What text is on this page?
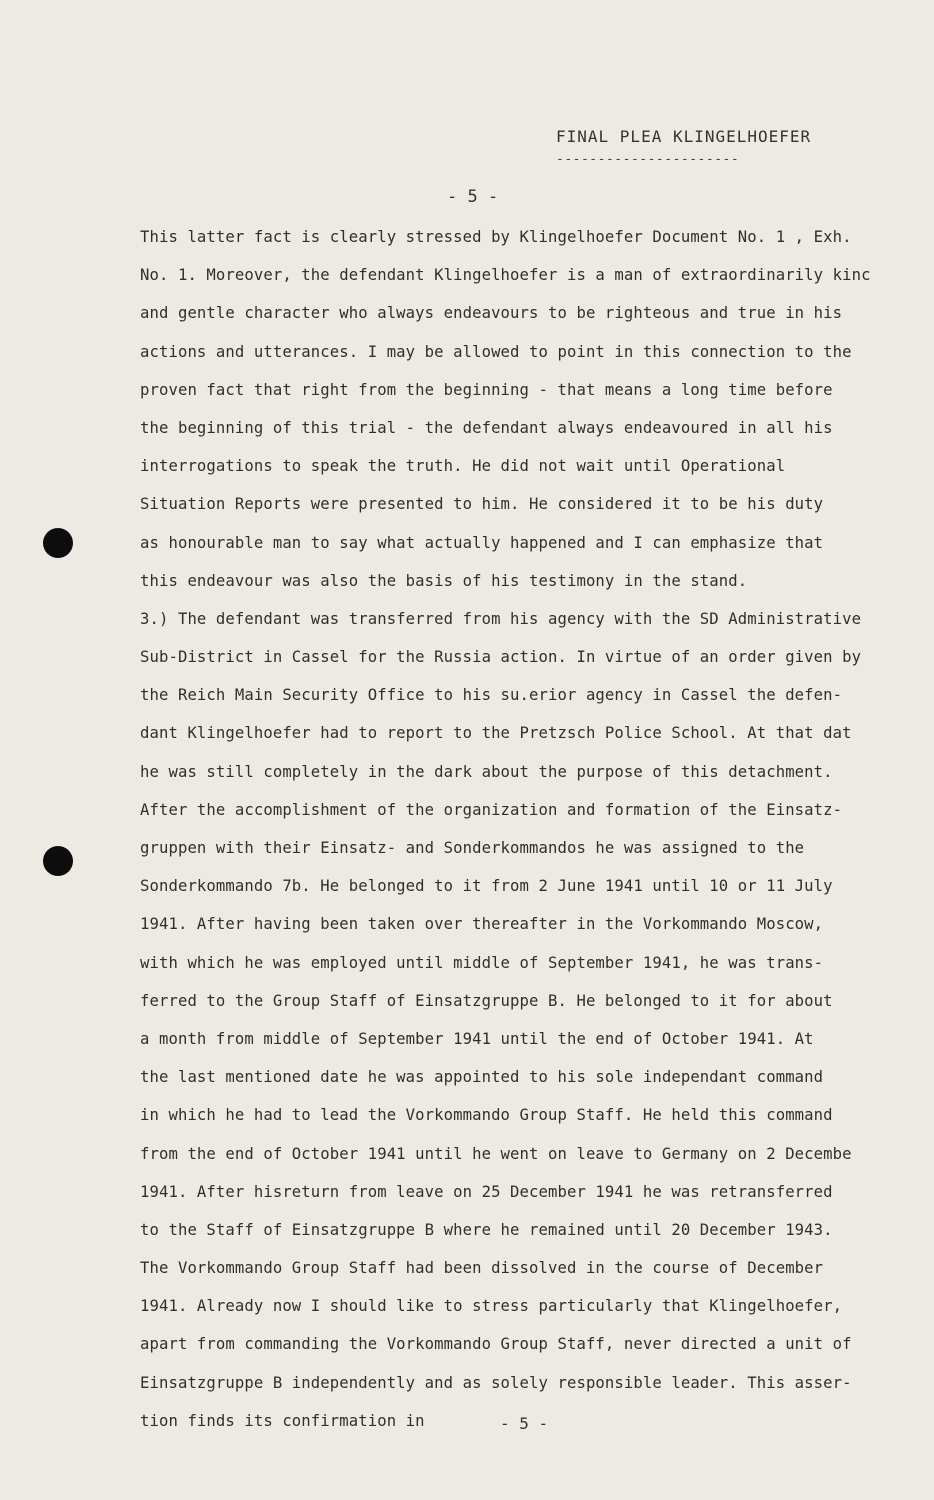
FINAL PLEA KLINGELHOEFER
----------------------
- 5 -
This latter fact is clearly stressed by Klingelhoefer Document No. 1 , Exh.
No. 1. Moreover, the defendant Klingelhoefer is a man of extraordinarily kinc
and gentle character who always endeavours to be righteous and true in his
actions and utterances. I may be allowed to point in this connection to the
proven fact that right from the beginning - that means a long time before
the beginning of this trial - the defendant always endeavoured in all his
interrogations to speak the truth. He did not wait until Operational
Situation Reports were presented to him. He considered it to be his duty
as honourable man to say what actually happened and I can emphasize that
this endeavour was also the basis of his testimony in the stand.
3.) The defendant was transferred from his agency with the SD Administrative
Sub-District in Cassel for the Russia action. In virtue of an order given by
the Reich Main Security Office to his su.erior agency in Cassel the defen-
dant Klingelhoefer had to report to the Pretzsch Police School. At that dat
he was still completely in the dark about the purpose of this detachment.
After the accomplishment of the organization and formation of the Einsatz-
gruppen with their Einsatz- and Sonderkommandos he was assigned to the
Sonderkommando 7b. He belonged to it from 2 June 1941 until 10 or 11 July
1941. After having been taken over thereafter in the Vorkommando Moscow,
with which he was employed until middle of September 1941, he was trans-
ferred to the Group Staff of Einsatzgruppe B. He belonged to it for about
a month from middle of September 1941 until the end of October 1941. At
the last mentioned date he was appointed to his sole independant command
in which he had to lead the Vorkommando Group Staff. He held this command
from the end of October 1941 until he went on leave to Germany on 2 Decembe
1941. After hisreturn from leave on 25 December 1941 he was retransferred
to the Staff of Einsatzgruppe B where he remained until 20 December 1943.
The Vorkommando Group Staff had been dissolved in the course of December
1941. Already now I should like to stress particularly that Klingelhoefer,
apart from commanding the Vorkommando Group Staff, never directed a unit of
Einsatzgruppe B independently and as solely responsible leader. This asser-
tion finds its confirmation in	- 5 -
